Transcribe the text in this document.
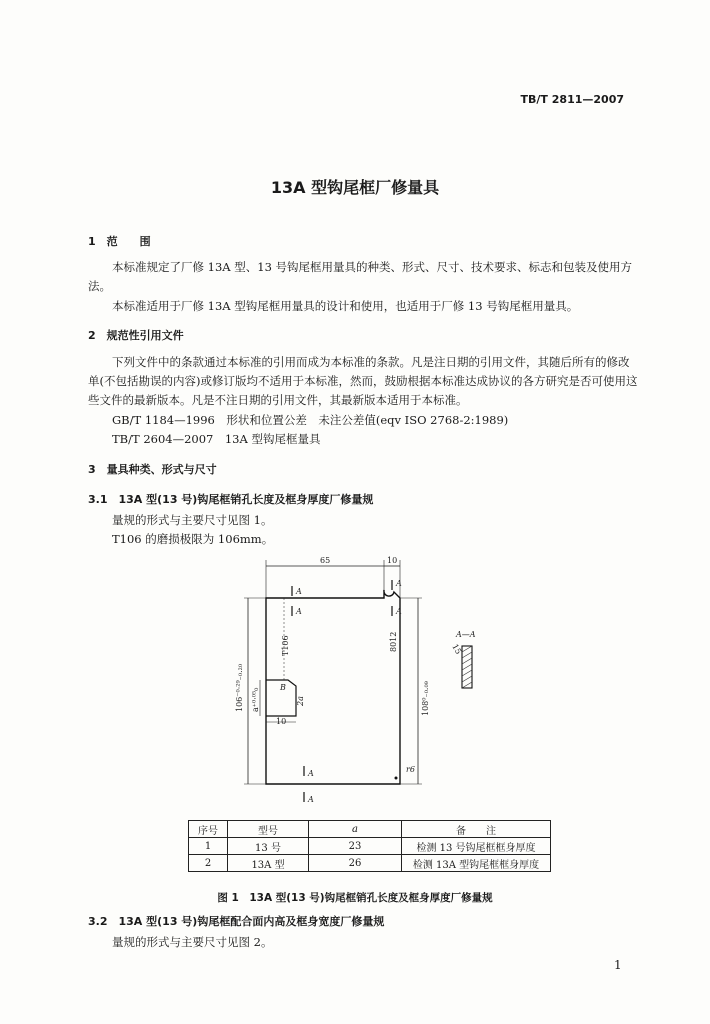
TB/T 2811—2007
13A 型钩尾框厂修量具
1　范　　围
本标准规定了厂修 13A 型、13 号钩尾框用量具的种类、形式、尺寸、技术要求、标志和包装及使用方法。
本标准适用于厂修 13A 型钩尾框用量具的设计和使用，也适用于厂修 13 号钩尾框用量具。
2　规范性引用文件
下列文件中的条款通过本标准的引用而成为本标准的条款。凡是注日期的引用文件，其随后所有的修改单(不包括勘误的内容)或修订版均不适用于本标准，然而，鼓励根据本标准达成协议的各方研究是否可使用这些文件的最新版本。凡是不注日期的引用文件，其最新版本适用于本标准。
GB/T 1184—1996　形状和位置公差　未注公差值(eqv ISO 2768-2:1989)
TB/T 2604—2007　13A 型钩尾框量具
3　量具种类、形式与尺寸
3.1　13A 型(13 号)钩尾框销孔长度及框身厚度厂修量规
量规的形式与主要尺寸见图 1。
T106 的磨损极限为 106mm。
65	10
106⁻⁰·²⁹₋₀.₂₀ a⁺⁰·⁰⁵₀
B
2a
10
T106	8012
108⁰₋₀.₀₉
A
A
A
A
A
A
r6
A—A
15
序号	型号	a	备　　注
1	13 号	23	检测 13 号钩尾框框身厚度
2	13A 型	26	检测 13A 型钩尾框框身厚度
图 1　13A 型(13 号)钩尾框销孔长度及框身厚度厂修量规
3.2　13A 型(13 号)钩尾框配合面内高及框身宽度厂修量规
量规的形式与主要尺寸见图 2。
1
